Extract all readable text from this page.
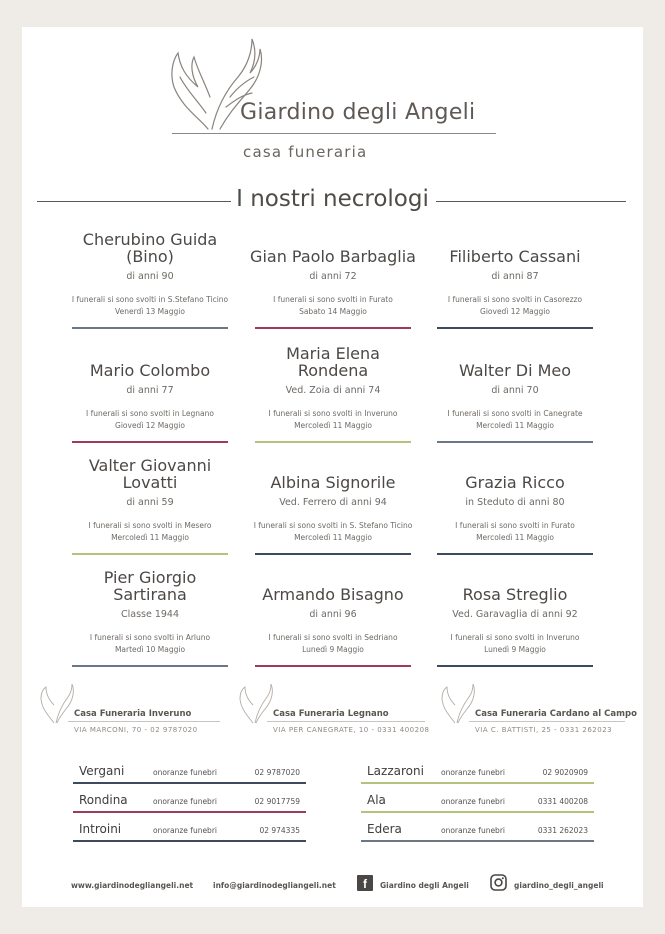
Giardino degli Angeli
casa funeraria
I nostri necrologi
Cherubino Guida
(Bino)
di anni 90
I funerali si sono svolti in S.Stefano Ticino
Venerdì 13 Maggio
Gian Paolo Barbaglia
di anni 72
I funerali si sono svolti in Furato
Sabato 14 Maggio
Filiberto Cassani
di anni 87
I funerali si sono svolti in Casorezzo
Giovedì 12 Maggio
Mario Colombo
di anni 77
I funerali si sono svolti in Legnano
Giovedì 12 Maggio
Maria Elena
Rondena
Ved. Zoia di anni 74
I funerali si sono svolti in Inveruno
Mercoledì 11 Maggio
Walter Di Meo
di anni 70
I funerali si sono svolti in Canegrate
Mercoledì 11 Maggio
Valter Giovanni
Lovatti
di anni 59
I funerali si sono svolti in Mesero
Mercoledì 11 Maggio
Albina Signorile
Ved. Ferrero di anni 94
I funerali si sono svolti in S. Stefano Ticino
Mercoledì 11 Maggio
Grazia Ricco
in Steduto di anni 80
I funerali si sono svolti in Furato
Mercoledì 11 Maggio
Pier Giorgio
Sartirana
Classe 1944
I funerali si sono svolti in Arluno
Martedì 10 Maggio
Armando Bisagno
di anni 96
I funerali si sono svolti in Sedriano
Lunedì 9 Maggio
Rosa Streglio
Ved. Garavaglia di anni 92
I funerali si sono svolti in Inveruno
Lunedì 9 Maggio
Casa Funeraria Inveruno
VIA MARCONI, 70 - 02 9787020
Casa Funeraria Legnano
VIA PER CANEGRATE, 10 - 0331 400208
Casa Funeraria Cardano al Campo
VIA C. BATTISTI, 25 - 0331 262023
Vergani	onoranze funebri	02 9787020
Rondina	onoranze funebri	02 9017759
Introini	onoranze funebri	02 974335
Lazzaroni onoranze funebri	02 9020909
Ala	onoranze funebri	0331 400208
Edera	onoranze funebri	0331 262023
www.giardinodegliangeli.net	info@giardinodegliangeli.net	f	Giardino degli Angeli	giardino_degli_angeli
